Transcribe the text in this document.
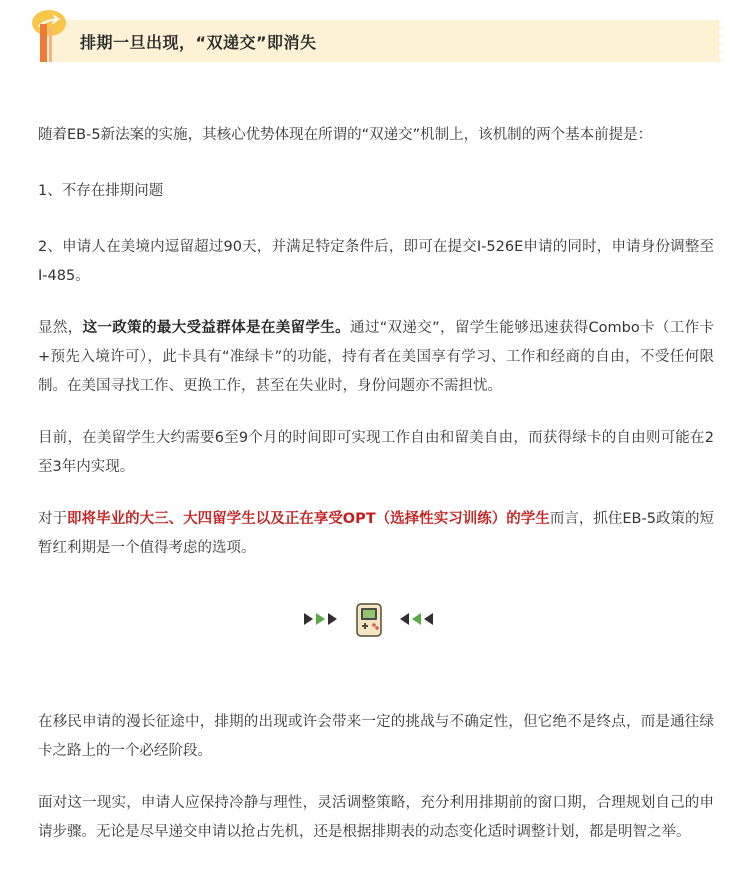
排期一旦出现，“双递交”即消失

随着EB-5新法案的实施，其核心优势体现在所谓的“双递交”机制上，该机制的两个基本前提是：

1、不存在排期问题

2、申请人在美境内逗留超过90天，并满足特定条件后，即可在提交I-526E申请的同时，申请身份调整至I-485。

显然，这一政策的最大受益群体是在美留学生。通过“双递交”，留学生能够迅速获得Combo卡（工作卡+预先入境许可），此卡具有“准绿卡”的功能，持有者在美国享有学习、工作和经商的自由，不受任何限制。在美国寻找工作、更换工作，甚至在失业时，身份问题亦不需担忧。

目前，在美留学生大约需要6至9个月的时间即可实现工作自由和留美自由，而获得绿卡的自由则可能在2至3年内实现。

对于即将毕业的大三、大四留学生以及正在享受OPT（选择性实习训练）的学生而言，抓住EB-5政策的短暂红利期是一个值得考虑的选项。

在移民申请的漫长征途中，排期的出现或许会带来一定的挑战与不确定性，但它绝不是终点，而是通往绿卡之路上的一个必经阶段。

面对这一现实，申请人应保持冷静与理性，灵活调整策略，充分利用排期前的窗口期，合理规划自己的申请步骤。无论是尽早递交申请以抢占先机，还是根据排期表的动态变化适时调整计划，都是明智之举。
